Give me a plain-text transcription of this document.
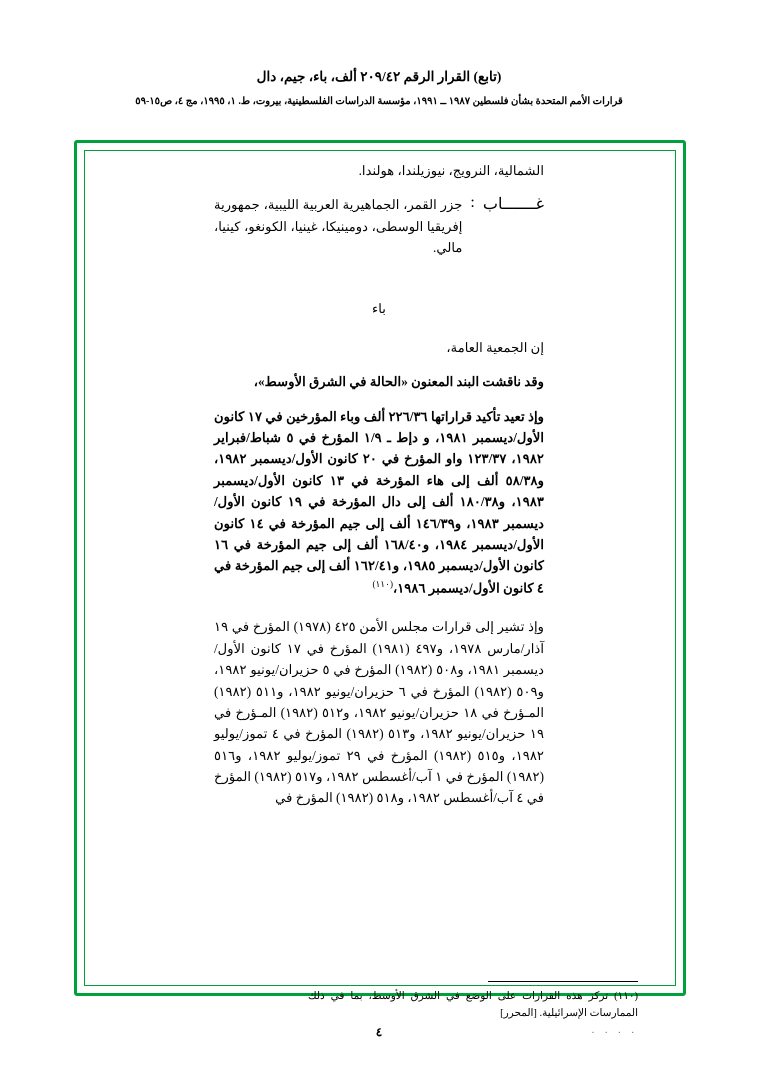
(تابع) القرار الرقم ٢٠٩/٤٢ ألف، باء، جيم، دال
قرارات الأمم المتحدة بشأن فلسطين ١٩٨٧ ــ ١٩٩١، مؤسسة الدراسات الفلسطينية، بيروت، ط. ١، ١٩٩٥، مج ٤، ص١٥-٥٩

الشمالية، النرويج، نيوزيلندا، هولندا.

غـــــــاب
:

جزر القمر، الجماهيرية العربية الليبية، جمهورية إفريقيا الوسطى، دومينيكا، غينيا، الكونغو، كينيا، مالي.

باء

إن الجمعية العامة،

وقد ناقشت البند المعنون «الحالة في الشرق الأوسط»،

وإذ تعيد تأكيد قراراتها ٢٢٦/٣٦ ألف وباء المؤرخين في ١٧ كانون الأول/ديسمبر ١٩٨١، و دإط ـ ١/٩ المؤرخ في ٥ شباط/فبراير ١٩٨٢، ١٢٣/٣٧ واو المؤرخ في ٢٠ كانون الأول/ديسمبر ١٩٨٢، و٥٨/٣٨ ألف إلى هاء المؤرخة في ١٣ كانون الأول/ديسمبر ١٩٨٣، و١٨٠/٣٨ ألف إلى دال المؤرخة في ١٩ كانون الأول/ديسمبر ١٩٨٣، و١٤٦/٣٩ ألف إلى جيم المؤرخة في ١٤ كانون الأول/ديسمبر ١٩٨٤، و١٦٨/٤٠ ألف إلى جيم المؤرخة في ١٦ كانون الأول/ديسمبر ١٩٨٥، و١٦٢/٤١ ألف إلى جيم المؤرخة في ٤ كانون الأول/ديسمبر ١٩٨٦،$^{(١١٠)}$

وإذ تشير إلى قرارات مجلس الأمن ٤٢٥ (١٩٧٨) المؤرخ في ١٩ آذار/مارس ١٩٧٨، و٤٩٧ (١٩٨١) المؤرخ في ١٧ كانون الأول/ديسمبر ١٩٨١، و٥٠٨ (١٩٨٢) المؤرخ في ٥ حزيران/يونيو ١٩٨٢، و٥٠٩ (١٩٨٢) المؤرخ في ٦ حزيران/يونيو ١٩٨٢، و٥١١ (١٩٨٢) المـؤرخ في ١٨ حزيران/يونيو ١٩٨٢، و٥١٢ (١٩٨٢) المـؤرخ في ١٩ حزيران/يونيو ١٩٨٢، و٥١٣ (١٩٨٢) المؤرخ في ٤ تموز/يوليو ١٩٨٢، و٥١٥ (١٩٨٢) المؤرخ في ٢٩ تموز/يوليو ١٩٨٢، و٥١٦ (١٩٨٢) المؤرخ في ١ آب/أغسطس ١٩٨٢، و٥١٧ (١٩٨٢) المؤرخ في ٤ آب/أغسطس ١٩٨٢، و٥١٨ (١٩٨٢) المؤرخ في

(١١٠) تركز هذه القرارات على الوضع في الشرق الأوسط، بما في ذلك الممارسات الإسرائيلية. [المحرر]
. . . .
٤
